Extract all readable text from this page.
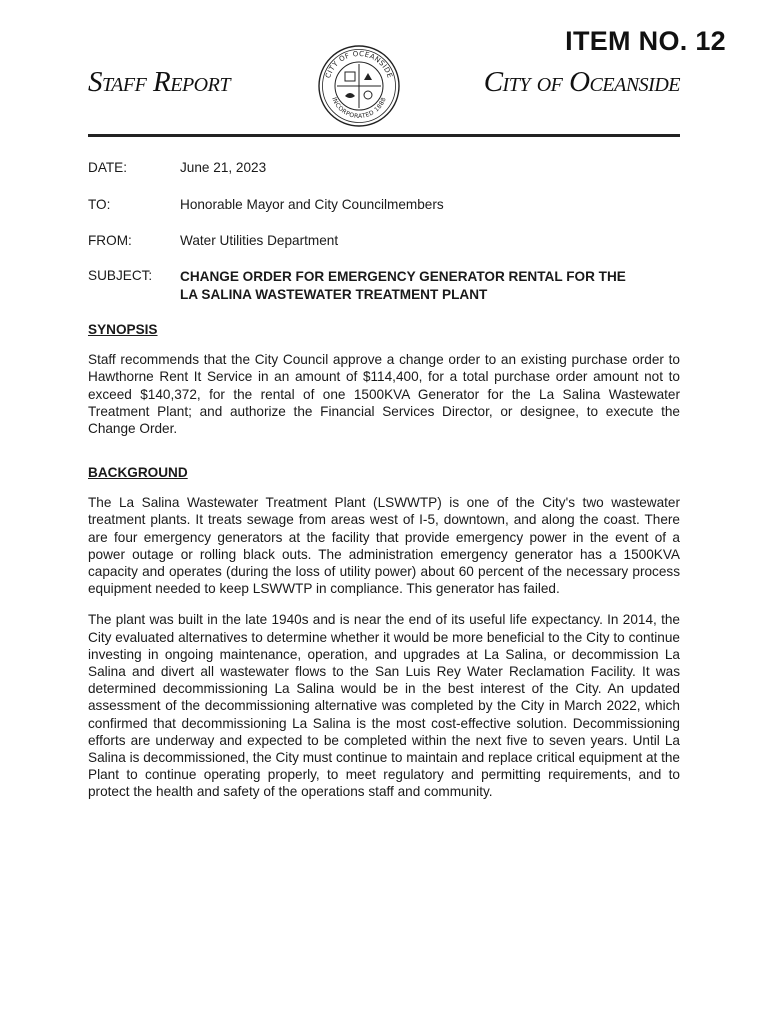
ITEM NO. 12
Staff Report	CITY OF OCEANSIDE
INCORPORATED 1888
City of Oceanside
DATE:	June 21, 2023
TO:	Honorable Mayor and City Councilmembers
FROM:	Water Utilities Department
SUBJECT: CHANGE ORDER FOR EMERGENCY GENERATOR RENTAL FOR THE
LA SALINA WASTEWATER TREATMENT PLANT
SYNOPSIS

Staff recommends that the City Council approve a change order to an existing purchase order to Hawthorne Rent It Service in an amount of $114,400, for a total purchase order amount not to exceed $140,372, for the rental of one 1500KVA Generator for the La Salina Wastewater Treatment Plant; and authorize the Financial Services Director, or designee, to execute the Change Order.

BACKGROUND

The La Salina Wastewater Treatment Plant (LSWWTP) is one of the City's two wastewater treatment plants. It treats sewage from areas west of I-5, downtown, and along the coast. There are four emergency generators at the facility that provide emergency power in the event of a power outage or rolling black outs. The administration emergency generator has a 1500KVA capacity and operates (during the loss of utility power) about 60 percent of the necessary process equipment needed to keep LSWWTP in compliance. This generator has failed.

The plant was built in the late 1940s and is near the end of its useful life expectancy. In 2014, the City evaluated alternatives to determine whether it would be more beneficial to the City to continue investing in ongoing maintenance, operation, and upgrades at La Salina, or decommission La Salina and divert all wastewater flows to the San Luis Rey Water Reclamation Facility. It was determined decommissioning La Salina would be in the best interest of the City. An updated assessment of the decommissioning alternative was completed by the City in March 2022, which confirmed that decommissioning La Salina is the most cost-effective solution. Decommissioning efforts are underway and expected to be completed within the next five to seven years. Until La Salina is decommissioned, the City must continue to maintain and replace critical equipment at the Plant to continue operating properly, to meet regulatory and permitting requirements, and to protect the health and safety of the operations staff and community.
